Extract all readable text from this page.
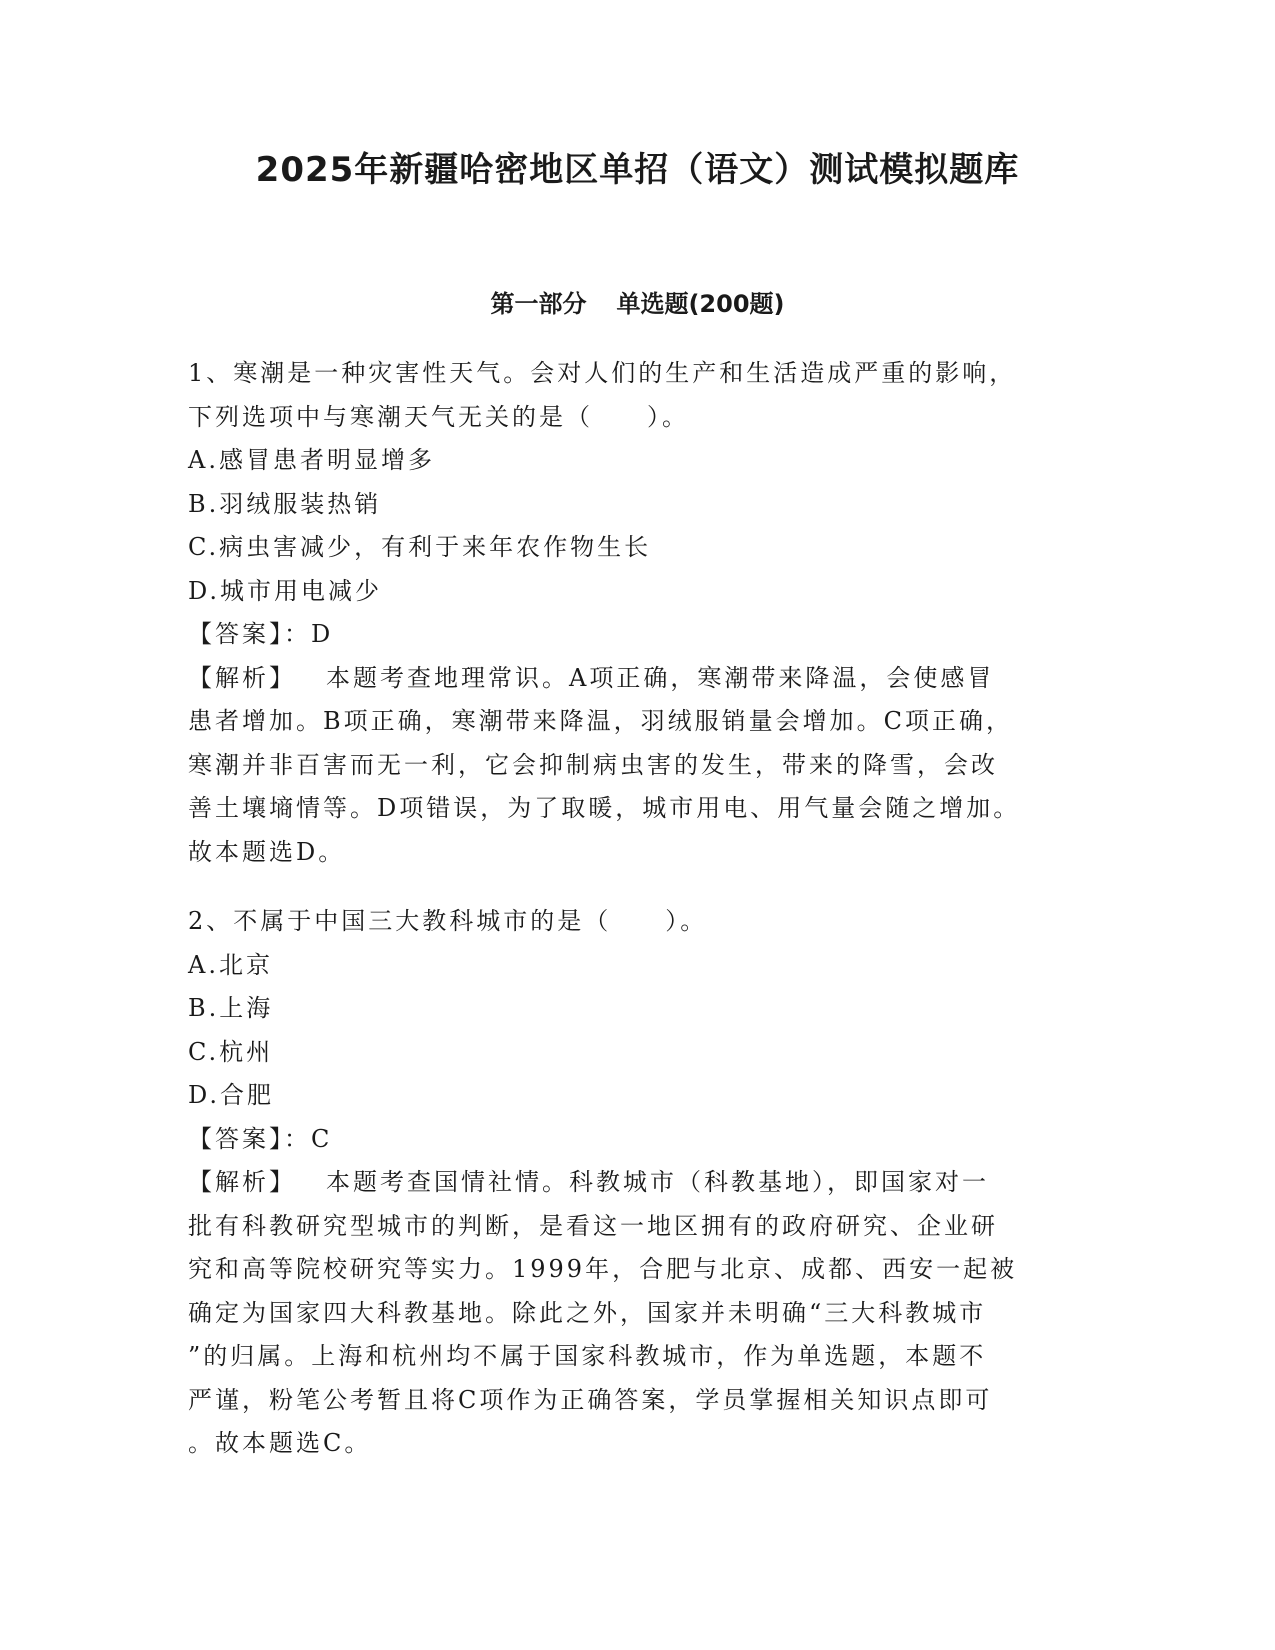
2025年新疆哈密地区单招（语文）测试模拟题库
第一部分 单选题(200题)

1、寒潮是一种灾害性天气。会对人们的生产和生活造成严重的影响，

下列选项中与寒潮天气无关的是（　　）。

A.感冒患者明显增多

B.羽绒服装热销

C.病虫害减少，有利于来年农作物生长

D.城市用电减少

【答案】：D

【解析】 本题考查地理常识。A项正确，寒潮带来降温，会使感冒

患者增加。B项正确，寒潮带来降温，羽绒服销量会增加。C项正确，

寒潮并非百害而无一利，它会抑制病虫害的发生，带来的降雪，会改

善土壤墒情等。D项错误，为了取暖，城市用电、用气量会随之增加。

故本题选D。

2、不属于中国三大教科城市的是（　　）。

A.北京

B.上海

C.杭州

D.合肥

【答案】：C

【解析】 本题考查国情社情。科教城市（科教基地），即国家对一

批有科教研究型城市的判断，是看这一地区拥有的政府研究、企业研

究和高等院校研究等实力。1999年，合肥与北京、成都、西安一起被

确定为国家四大科教基地。除此之外，国家并未明确“三大科教城市

”的归属。上海和杭州均不属于国家科教城市，作为单选题，本题不

严谨，粉笔公考暂且将C项作为正确答案，学员掌握相关知识点即可

。故本题选C。
